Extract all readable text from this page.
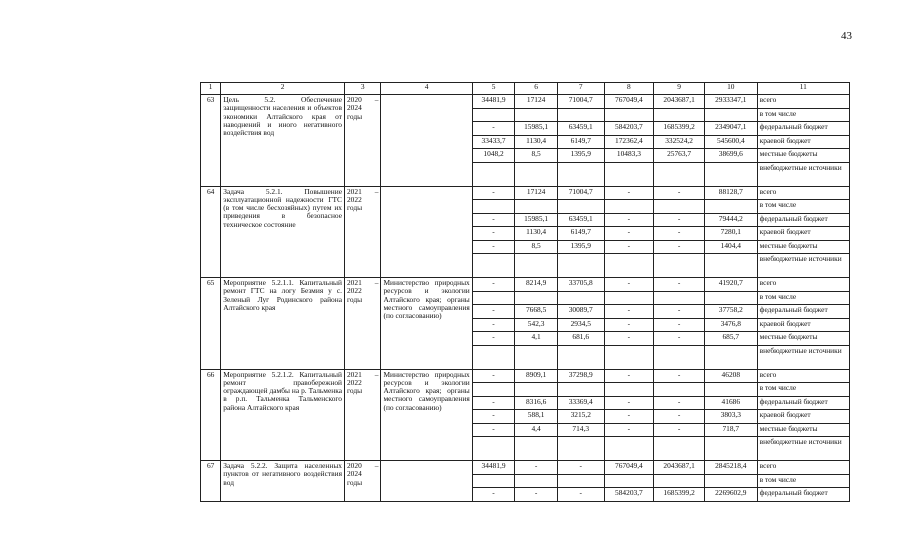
43
1	2	3	4	5	6	7	8	9	10	11
63	Цель 5.2. Обеспечение защищенности населения и объектов экономики Алтайского края от наводнений и иного негативного воздействия вод	2020 – 2024 годы		34481,9	17124	71004,7	767049,4	2043687,1	2933347,1	всего
										в том числе
				-	15985,1	63459,1	584203,7	1685399,2	2349047,1	федеральный бюджет
				33433,7	1130,4	6149,7	172362,4	332524,2	545600,4	краевой бюджет
				1048,2	8,5	1395,9	10483,3	25763,7	38699,6	местные бюджеты
										внебюджетные источники
64	Задача 5.2.1. Повышение эксплуатационной надежности ГТС (в том числе бесхозяйных) путем их приведения в безопасное техническое состояние	2021 – 2022 годы		-	17124	71004,7	-	-	88128,7	всего
										в том числе
				-	15985,1	63459,1	-	-	79444,2	федеральный бюджет
				-	1130,4	6149,7	-	-	7280,1	краевой бюджет
				-	8,5	1395,9	-	-	1404,4	местные бюджеты
										внебюджетные источники
65	Мероприятие 5.2.1.1. Капитальный ремонт ГТС на логу Безмия у с. Зеленый Луг Родинского района Алтайского края	2021 – 2022 годы	Министерство природных ресурсов и экологии Алтайского края; органы местного самоуправления (по согласованию)	-	8214,9	33705,8	-	-	41920,7	всего
										в том числе
				-	7668,5	30089,7	-	-	37758,2	федеральный бюджет
				-	542,3	2934,5	-	-	3476,8	краевой бюджет
				-	4,1	681,6	-	-	685,7	местные бюджеты
										внебюджетные источники
66	Мероприятие 5.2.1.2. Капитальный ремонт правобережной ограждающей дамбы на р. Тальменка в р.п. Тальменка Тальменского района Алтайского края	2021 – 2022 годы	Министерство природных ресурсов и экологии Алтайского края; органы местного самоуправления (по согласованию)	-	8909,1	37298,9	-	-	46208	всего
										в том числе
				-	8316,6	33369,4	-	-	41686	федеральный бюджет
				-	588,1	3215,2	-	-	3803,3	краевой бюджет
				-	4,4	714,3	-	-	718,7	местные бюджеты
										внебюджетные источники
67	Задача 5.2.2. Защита населенных пунктов от негативного воздействия вод	2020 – 2024 годы		34481,9	-	-	767049,4	2043687,1	2845218,4	всего
										в том числе
				-	-	-	584203,7	1685399,2	2269602,9	федеральный бюджет
